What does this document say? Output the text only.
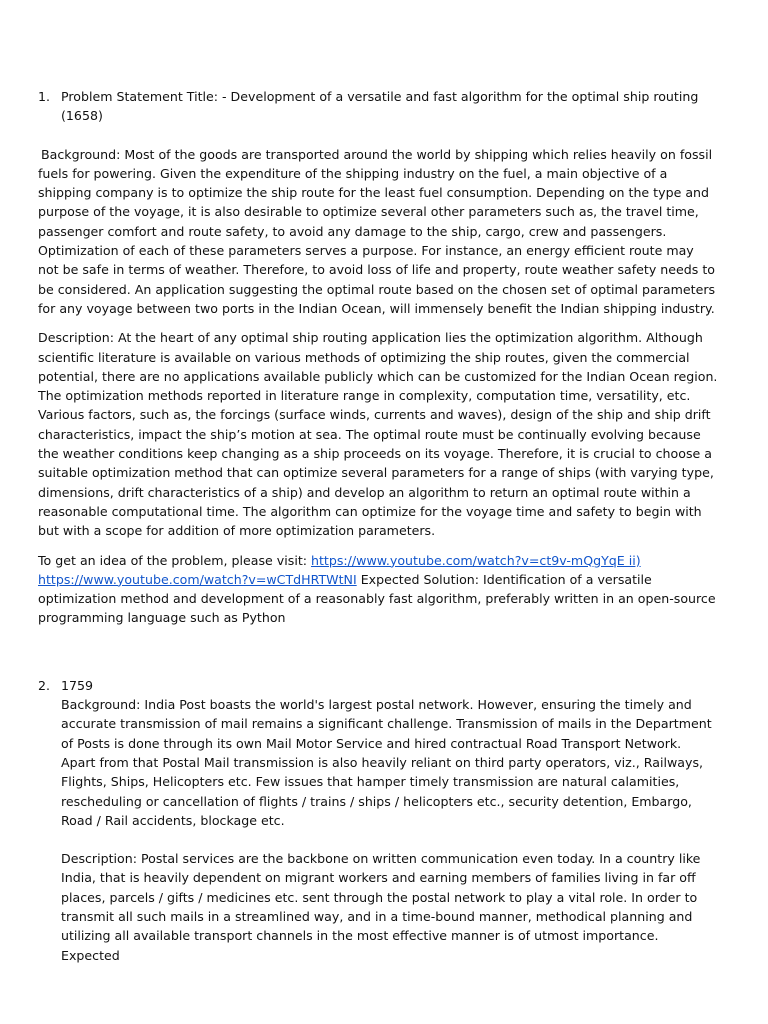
1. Problem Statement Title: - Development of a versatile and fast algorithm for the optimal ship routing (1658)

Background: Most of the goods are transported around the world by shipping which relies heavily on fossil fuels for powering. Given the expenditure of the shipping industry on the fuel, a main objective of a shipping company is to optimize the ship route for the least fuel consumption. Depending on the type and purpose of the voyage, it is also desirable to optimize several other parameters such as, the travel time, passenger comfort and route safety, to avoid any damage to the ship, cargo, crew and passengers. Optimization of each of these parameters serves a purpose. For instance, an energy efficient route may not be safe in terms of weather. Therefore, to avoid loss of life and property, route weather safety needs to be considered. An application suggesting the optimal route based on the chosen set of optimal parameters for any voyage between two ports in the Indian Ocean, will immensely benefit the Indian shipping industry.

Description: At the heart of any optimal ship routing application lies the optimization algorithm. Although scientific literature is available on various methods of optimizing the ship routes, given the commercial potential, there are no applications available publicly which can be customized for the Indian Ocean region. The optimization methods reported in literature range in complexity, computation time, versatility, etc. Various factors, such as, the forcings (surface winds, currents and waves), design of the ship and ship drift characteristics, impact the ship’s motion at sea. The optimal route must be continually evolving because the weather conditions keep changing as a ship proceeds on its voyage. Therefore, it is crucial to choose a suitable optimization method that can optimize several parameters for a range of ships (with varying type, dimensions, drift characteristics of a ship) and develop an algorithm to return an optimal route within a reasonable computational time. The algorithm can optimize for the voyage time and safety to begin with but with a scope for addition of more optimization parameters.

To get an idea of the problem, please visit: https://www.youtube.com/watch?v=ct9v-mQgYqE ii) https://www.youtube.com/watch?v=wCTdHRTWtNI Expected Solution: Identification of a versatile optimization method and development of a reasonably fast algorithm, preferably written in an open-source programming language such as Python

2. 1759

Background: India Post boasts the world's largest postal network. However, ensuring the timely and accurate transmission of mail remains a significant challenge. Transmission of mails in the Department of Posts is done through its own Mail Motor Service and hired contractual Road Transport Network. Apart from that Postal Mail transmission is also heavily reliant on third party operators, viz., Railways, Flights, Ships, Helicopters etc. Few issues that hamper timely transmission are natural calamities, rescheduling or cancellation of flights / trains / ships / helicopters etc., security detention, Embargo, Road / Rail accidents, blockage etc.

Description: Postal services are the backbone on written communication even today. In a country like India, that is heavily dependent on migrant workers and earning members of families living in far off places, parcels / gifts / medicines etc. sent through the postal network to play a vital role. In order to transmit all such mails in a streamlined way, and in a time-bound manner, methodical planning and utilizing all available transport channels in the most effective manner is of utmost importance. Expected
